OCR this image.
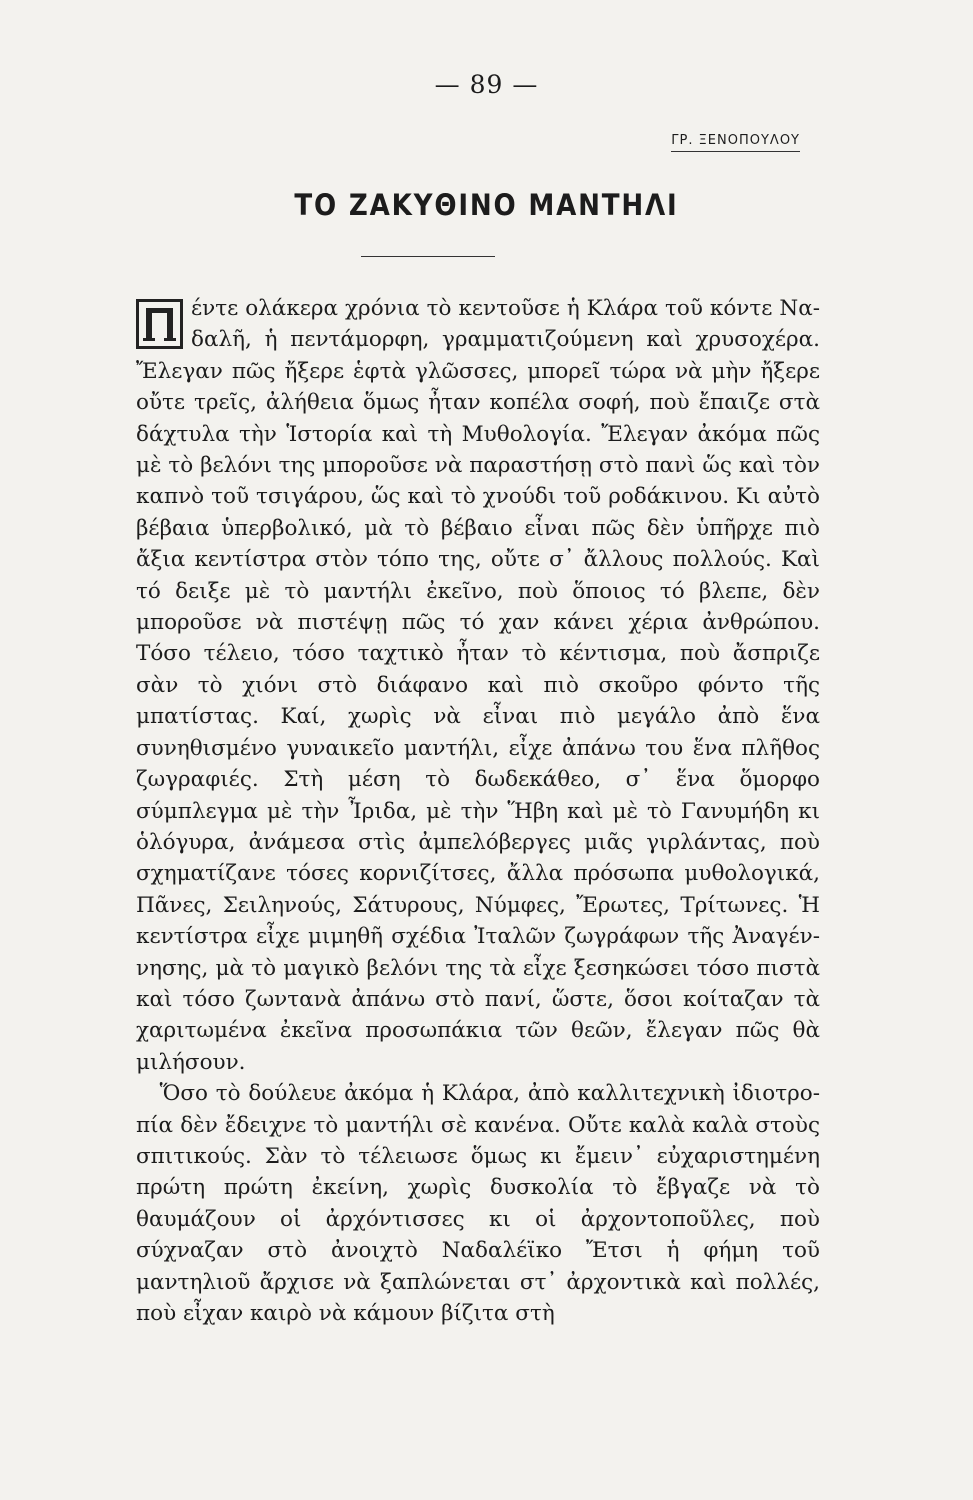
— 89 —
ΓΡ. ΞΕΝΟΠΟΥΛΟΥ
ΤΟ ΖΑΚΥΘΙΝΟ ΜΑΝΤΗΛΙ

έντε ολάκερα χρόνια τὸ κεντοῦσε ἡ Κλάρα τοῦ κόντε Ναδαλῆ, ἡ πεντάμορφη, γραμματιζούμενη καὶ χρυσοχέρα. Ἔλεγαν πῶς ἤξερε ἑφτὰ γλῶσσες, μπορεῖ τώρα νὰ μὴν ἤξερε οὔτε τρεῖς, ἀλήθεια ὅμως ἦταν κοπέλα σοφή, ποὺ ἔπαιζε στὰ δάχτυλα τὴν Ἱστορία καὶ τὴ Μυθολογία. Ἔλεγαν ἀκόμα πῶς μὲ τὸ βελόνι της μποροῦσε νὰ παραστήσῃ στὸ πανὶ ὥς καὶ τὸν καπνὸ τοῦ τσιγάρου, ὥς καὶ τὸ χνούδι τοῦ ροδάκινου. Κι αὐτὸ βέβαια ὑπερβολικό, μὰ τὸ βέβαιο εἶναι πῶς δὲν ὑπῆρχε πιὸ ἄξια κεντίστρα στὸν τόπο της, οὔτε σ᾽ ἄλλους πολλούς. Καὶ τό δειξε μὲ τὸ μαντήλι ἐκεῖνο, ποὺ ὅποιος τό βλεπε, δὲν μποροῦσε νὰ πιστέψῃ πῶς τό χαν κάνει χέρια ἀνθρώπου. Τόσο τέλειο, τόσο ταχτικὸ ἦταν τὸ κέντισμα, ποὺ ἄσπριζε σὰν τὸ χιόνι στὸ διάφανο καὶ πιὸ σκοῦρο φόντο τῆς μπατίστας. Καί, χωρὶς νὰ εἶναι πιὸ μεγάλο ἀπὸ ἕνα συνηθισμένο γυναικεῖο μαντήλι, εἶχε ἀπάνω του ἕνα πλῆθος ζωγραφιές. Στὴ μέση τὸ δωδεκάθεο, σ᾽ ἕνα ὅμορφο σύμπλεγμα μὲ τὴν Ἶριδα, μὲ τὴν Ἥβη καὶ μὲ τὸ Γανυμήδη κι ὁλόγυρα, ἀνάμεσα στὶς ἀμπελόβεργες μιᾶς γιρλάντας, ποὺ σχηματίζανε τόσες κορνιζίτσες, ἄλλα πρόσωπα μυθολογικά, Πᾶνες, Σειληνούς, Σάτυρους, Νύμφες, Ἔρωτες, Τρίτωνες. Ἡ κεντίστρα εἶχε μιμηθῆ σχέδια Ἰταλῶν ζωγράφων τῆς Ἀναγέννησης, μὰ τὸ μαγικὸ βελόνι της τὰ εἶχε ξεσηκώσει τόσο πιστὰ καὶ τόσο ζωντανὰ ἀπάνω στὸ πανί, ὥστε, ὅσοι κοίταζαν τὰ χαριτωμένα ἐκεῖνα προσωπάκια τῶν θεῶν, ἔλεγαν πῶς θὰ μιλήσουν.

Ὅσο τὸ δούλευε ἀκόμα ἡ Κλάρα, ἀπὸ καλλιτεχνικὴ ἰδιοτροπία δὲν ἔδειχνε τὸ μαντήλι σὲ κανένα. Οὔτε καλὰ καλὰ στοὺς σπιτικούς. Σὰν τὸ τέλειωσε ὅμως κι ἔμειν᾽ εὐχαριστημένη πρώτη πρώτη ἐκείνη, χωρὶς δυσκολία τὸ ἔβγαζε νὰ τὸ θαυμάζουν οἱ ἀρχόντισσες κι οἱ ἀρχοντοποῦλες, ποὺ σύχναζαν στὸ ἀνοιχτὸ Ναδαλέϊκο Ἔτσι ἡ φήμη τοῦ μαντηλιοῦ ἄρχισε νὰ ξαπλώνεται στ᾽ ἀρχοντικὰ καὶ πολλές, ποὺ εἶχαν καιρὸ νὰ κάμουν βίζιτα στὴ
